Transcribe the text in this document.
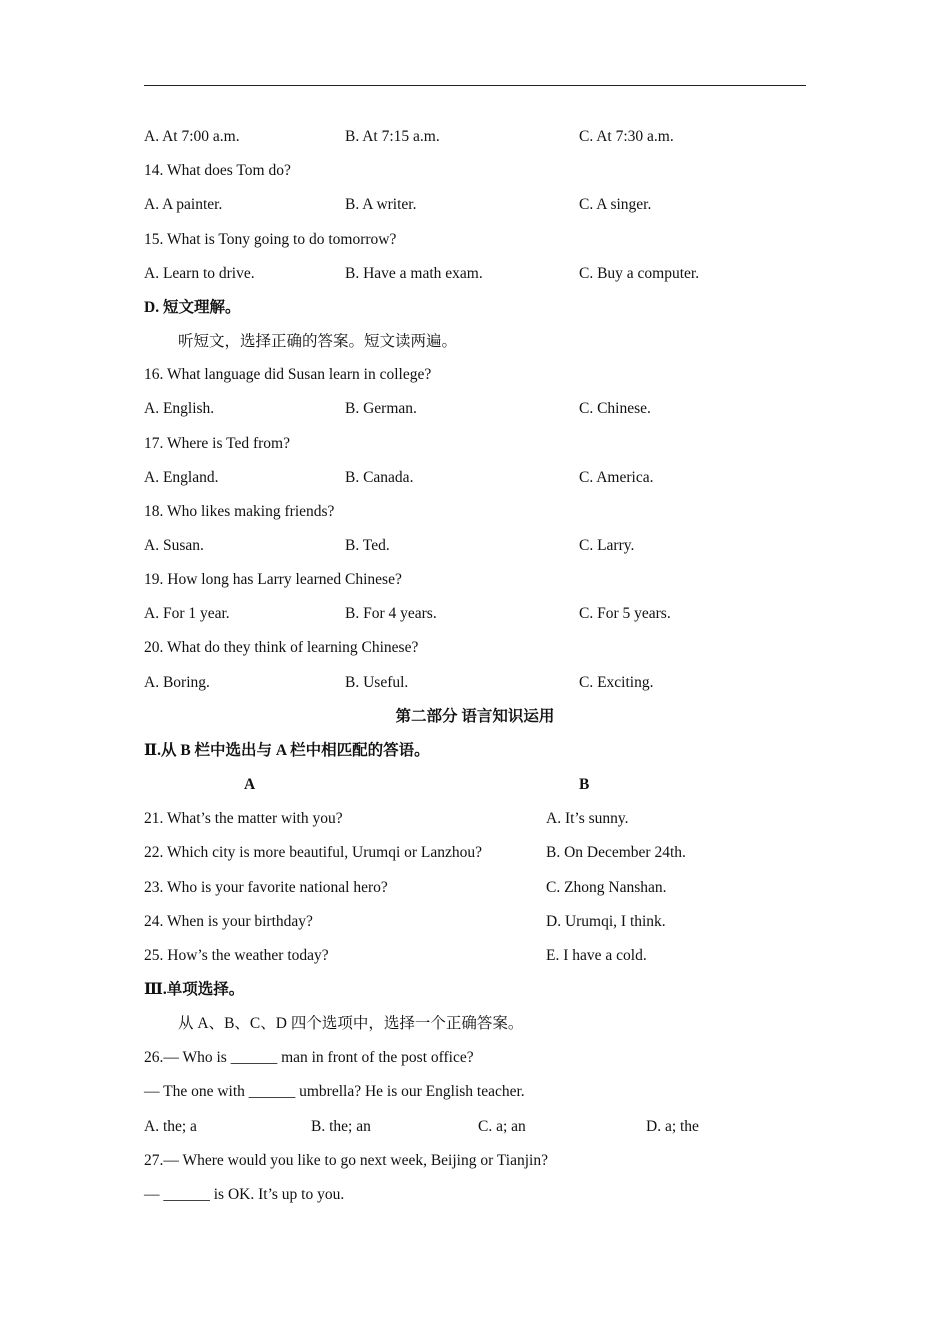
A. At 7:00 a.m.	B. At 7:15 a.m.	C. At 7:30 a.m.
14. What does Tom do?
A. A painter.	B. A writer.	C. A singer.
15. What is Tony going to do tomorrow?
A. Learn to drive.	B. Have a math exam.	C. Buy a computer.
D. 短文理解。
听短文，选择正确的答案。短文读两遍。
16. What language did Susan learn in college?
A. English.	B. German.	C. Chinese.
17. Where is Ted from?
A. England.	B. Canada.	C. America.
18. Who likes making friends?
A. Susan.	B. Ted.	C. Larry.
19. How long has Larry learned Chinese?
A. For 1 year.	B. For 4 years.	C. For 5 years.
20. What do they think of learning Chinese?
A. Boring.	B. Useful.	C. Exciting.
第二部分 语言知识运用
Ⅱ.从 B 栏中选出与 A 栏中相匹配的答语。
A	B
21. What’s the matter with you?	A. It’s sunny.
22. Which city is more beautiful, Urumqi or Lanzhou?	B. On December 24th.
23. Who is your favorite national hero?	C. Zhong Nanshan.
24. When is your birthday?	D. Urumqi, I think.
25. How’s the weather today?	E. I have a cold.
Ⅲ.单项选择。
从 A、B、C、D 四个选项中，选择一个正确答案。
26.— Who is ______ man in front of the post office?
— The one with ______ umbrella? He is our English teacher.
A. the; a	B. the; an	C. a; an	D. a; the
27.— Where would you like to go next week, Beijing or Tianjin?
— ______ is OK. It’s up to you.
